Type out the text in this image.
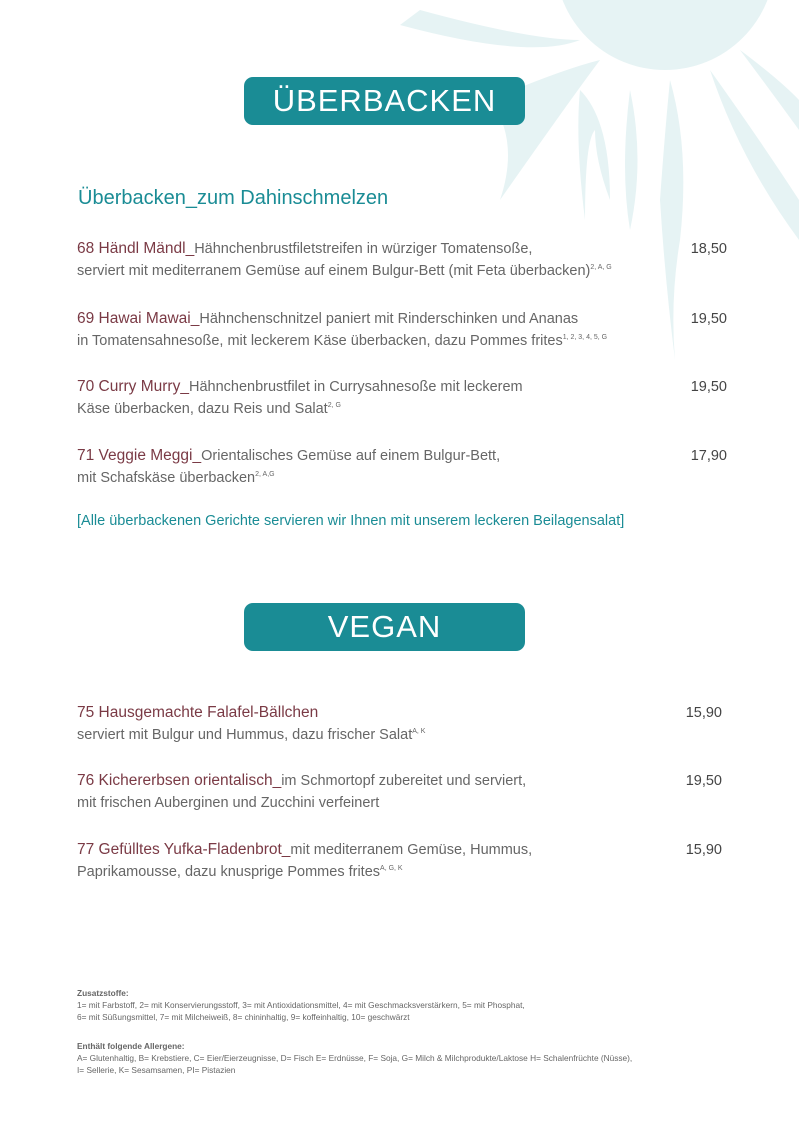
ÜBERBACKEN
Überbacken_zum Dahinschmelzen
68 Händl Mändl_Hähnchenbrustfiletstreifen in würziger Tomatensoße,
serviert mit mediterranem Gemüse auf einem Bulgur-Bett (mit Feta überbacken)$^{2, A, G}$
18,50
69 Hawai Mawai_Hähnchenschnitzel paniert mit Rinderschinken und Ananas
in Tomatensahnesoße, mit leckerem Käse überbacken, dazu Pommes frites$^{1, 2, 3, 4, 5, G}$
19,50
70 Curry Murry_Hähnchenbrustfilet in Currysahnesoße mit leckerem
Käse überbacken, dazu Reis und Salat$^{2, G}$
19,50
71 Veggie Meggi_Orientalisches Gemüse auf einem Bulgur-Bett,
mit Schafskäse überbacken$^{2, A,G}$
17,90
[Alle überbackenen Gerichte servieren wir Ihnen mit unserem leckeren Beilagensalat]
VEGAN
75 Hausgemachte Falafel-Bällchen
serviert mit Bulgur und Hummus, dazu frischer Salat$^{A, K}$
15,90
76 Kichererbsen orientalisch_im Schmortopf zubereitet und serviert,
mit frischen Auberginen und Zucchini verfeinert
19,50
77 Gefülltes Yufka-Fladenbrot_mit mediterranem Gemüse, Hummus,
Paprikamousse, dazu knusprige Pommes frites$^{A, G, K}$
15,90
Zusatzstoffe:
1= mit Farbstoff, 2= mit Konservierungsstoff, 3= mit Antioxidationsmittel, 4= mit Geschmacksverstärkern, 5= mit Phosphat,
6= mit Süßungsmittel, 7= mit Milcheiweiß, 8= chininhaltig, 9= koffeinhaltig, 10= geschwärzt
Enthält folgende Allergene:
A= Glutenhaltig, B= Krebstiere, C= Eier/Eierzeugnisse, D= Fisch E= Erdnüsse, F= Soja, G= Milch & Milchprodukte/Laktose H= Schalenfrüchte (Nüsse),
I= Sellerie, K= Sesamsamen, PI= Pistazien
